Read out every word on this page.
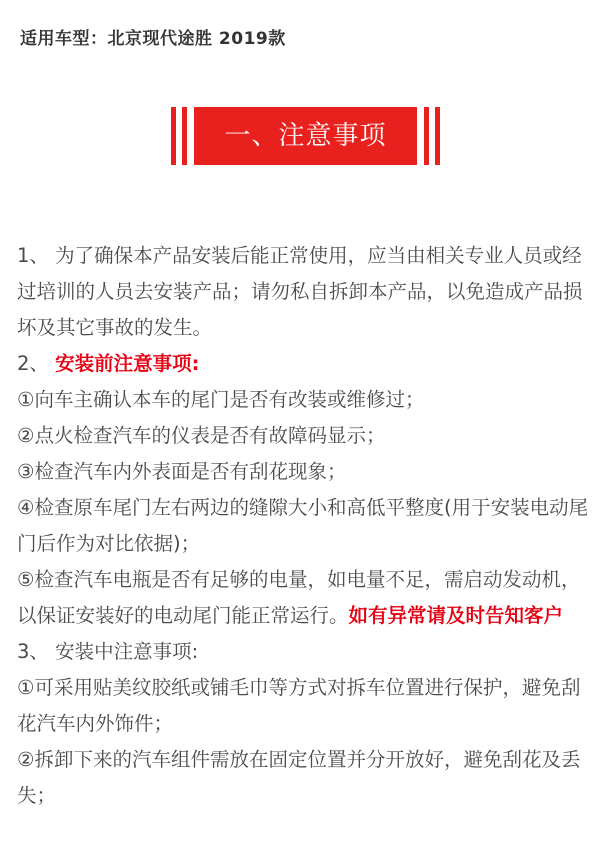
适用车型：北京现代途胜 2019款
一、注意事项

1、 为了确保本产品安装后能正常使用，应当由相关专业人员或经过培训的人员去安装产品；请勿私自拆卸本产品，以免造成产品损坏及其它事故的发生。

2、 安装前注意事项:

①向车主确认本车的尾门是否有改装或维修过；

②点火检查汽车的仪表是否有故障码显示；

③检查汽车内外表面是否有刮花现象；

④检查原车尾门左右两边的缝隙大小和高低平整度(用于安装电动尾门后作为对比依据)；

⑤检查汽车电瓶是否有足够的电量，如电量不足，需启动发动机，以保证安装好的电动尾门能正常运行。如有异常请及时告知客户

3、 安装中注意事项:

①可采用贴美纹胶纸或铺毛巾等方式对拆车位置进行保护，避免刮花汽车内外饰件；

②拆卸下来的汽车组件需放在固定位置并分开放好，避免刮花及丢失；
